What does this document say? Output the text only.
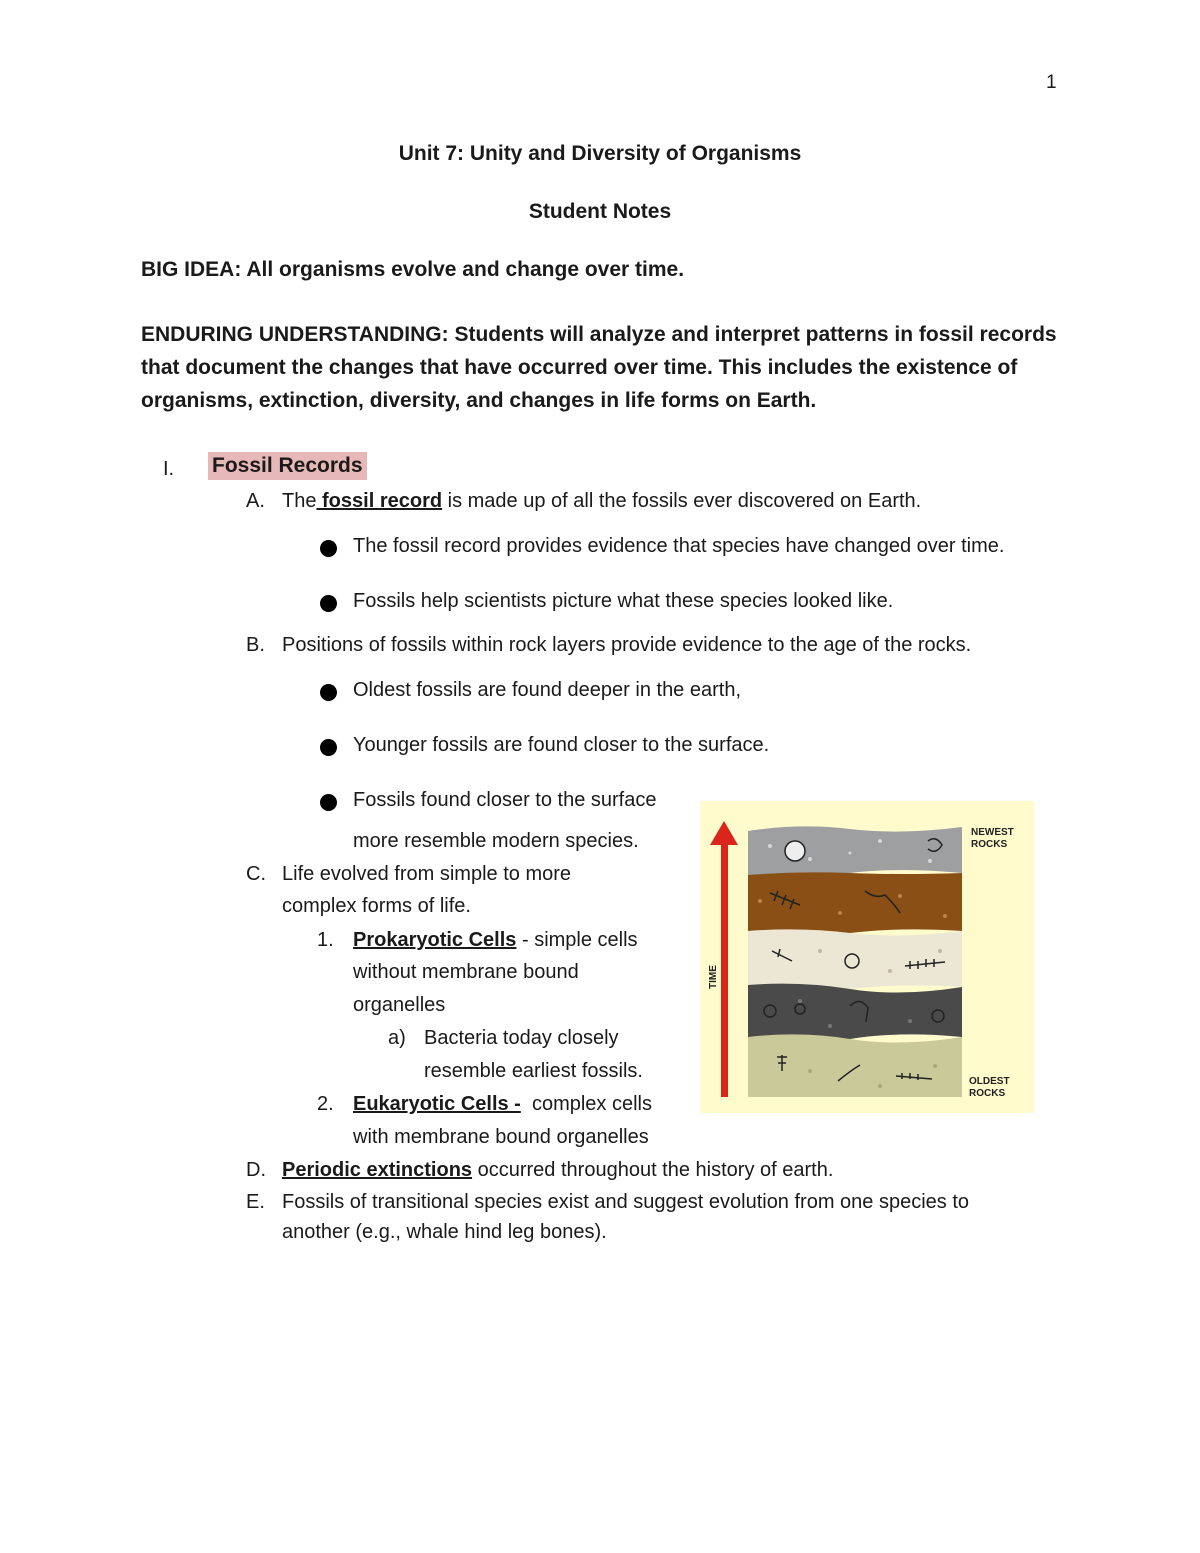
1
Unit 7: Unity and Diversity of Organisms
Student Notes
BIG IDEA: All organisms evolve and change over time.
ENDURING UNDERSTANDING: Students will analyze and interpret patterns in fossil records
that document the changes that have occurred over time. This includes the existence of
organisms, extinction, diversity, and changes in life forms on Earth.
I. Fossil Records
A. The fossil record is made up of all the fossils ever discovered on Earth.
The fossil record provides evidence that species have changed over time.
Fossils help scientists picture what these species looked like.
B. Positions of fossils within rock layers provide evidence to the age of the rocks.
Oldest fossils are found deeper in the earth,
Younger fossils are found closer to the surface.
Fossils found closer to the surface
more resemble modern species.
C. Life evolved from simple to more
complex forms of life.
1. Prokaryotic Cells - simple cells
without membrane bound
organelles
a) Bacteria today closely
resemble earliest fossils.
2. Eukaryotic Cells -  complex cells
with membrane bound organelles
D. Periodic extinctions occurred throughout the history of earth.
E. Fossils of transitional species exist and suggest evolution from one species to
another (e.g., whale hind leg bones).
TIME
NEWEST
ROCKS
OLDEST
ROCKS
